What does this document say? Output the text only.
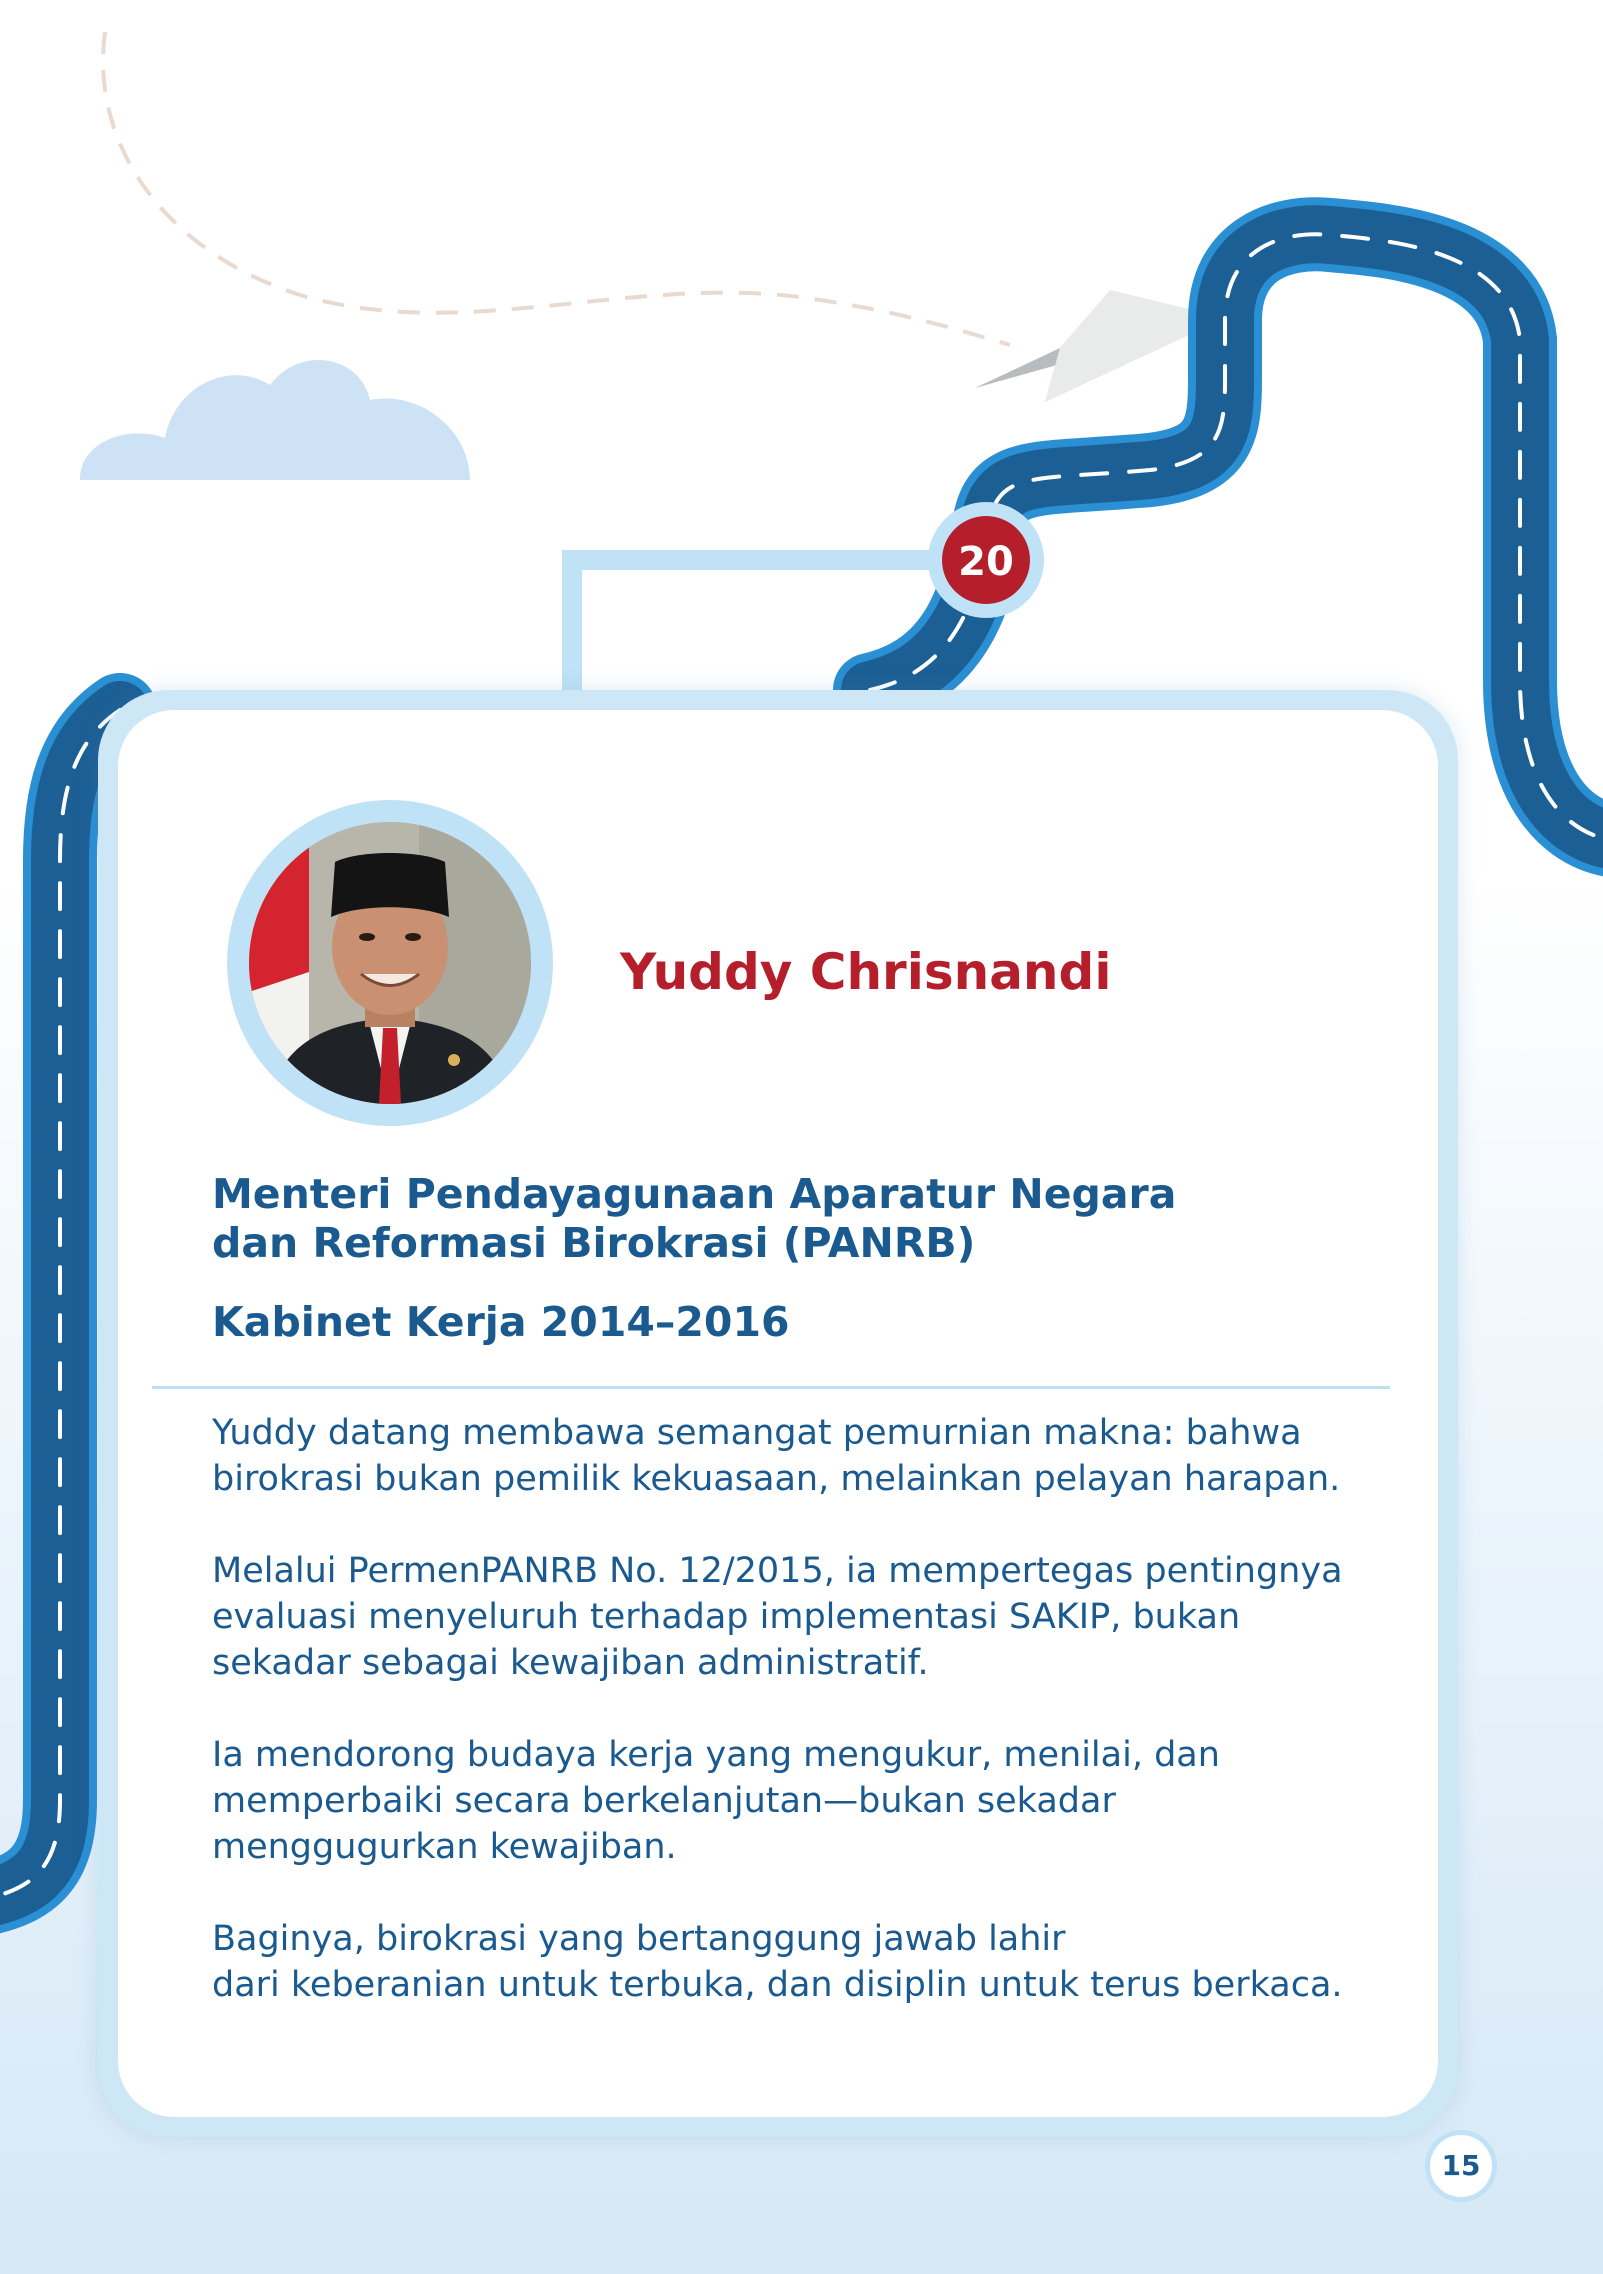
20
Yuddy Chrisnandi
Menteri Pendayagunaan Aparatur Negara
dan Reformasi Birokrasi (PANRB)
Kabinet Kerja 2014–2016

Yuddy datang membawa semangat pemurnian makna: bahwa
birokrasi bukan pemilik kekuasaan, melainkan pelayan harapan.

Melalui PermenPANRB No. 12/2015, ia mempertegas pentingnya
evaluasi menyeluruh terhadap implementasi SAKIP, bukan
sekadar sebagai kewajiban administratif.

Ia mendorong budaya kerja yang mengukur, menilai, dan
memperbaiki secara berkelanjutan—bukan sekadar
menggugurkan kewajiban.

Baginya, birokrasi yang bertanggung jawab lahir
dari keberanian untuk terbuka, dan disiplin untuk terus berkaca.

15
